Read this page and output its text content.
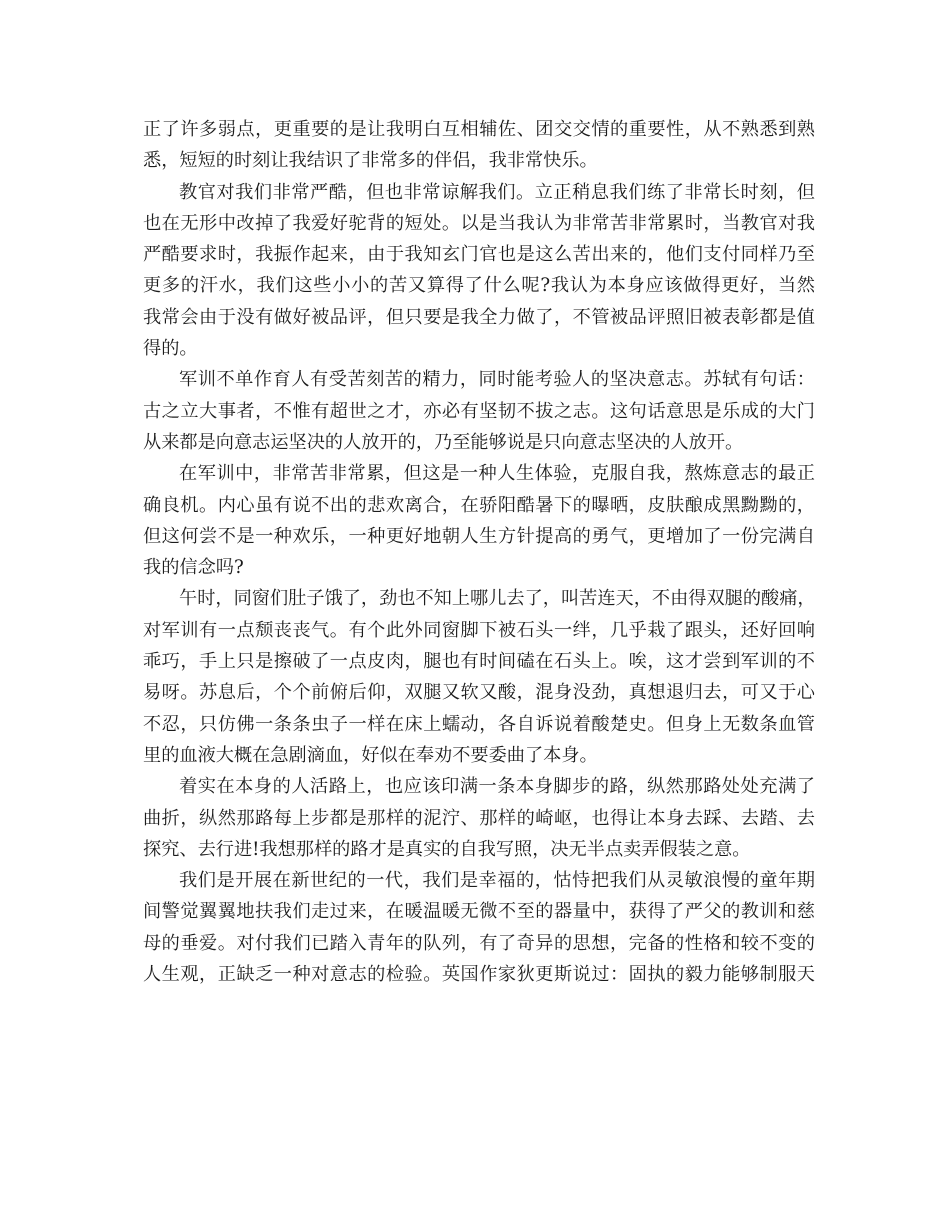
正了许多弱点，更重要的是让我明白互相辅佐、团交交情的重要性，从不熟悉到熟
悉，短短的时刻让我结识了非常多的伴侣，我非常快乐。
教官对我们非常严酷，但也非常谅解我们。立正稍息我们练了非常长时刻，但
也在无形中改掉了我爱好驼背的短处。以是当我认为非常苦非常累时，当教官对我
严酷要求时，我振作起来，由于我知玄门官也是这么苦出来的，他们支付同样乃至
更多的汗水，我们这些小小的苦又算得了什么呢?我认为本身应该做得更好，当然
我常会由于没有做好被品评，但只要是我全力做了，不管被品评照旧被表彰都是值
得的。
军训不单作育人有受苦刻苦的精力，同时能考验人的坚决意志。苏轼有句话：
古之立大事者，不惟有超世之才，亦必有坚韧不拔之志。这句话意思是乐成的大门
从来都是向意志运坚决的人放开的，乃至能够说是只向意志坚决的人放开。
在军训中，非常苦非常累，但这是一种人生体验，克服自我，熬炼意志的最正
确良机。内心虽有说不出的悲欢离合，在骄阳酷暑下的曝晒，皮肤酿成黑黝黝的，
但这何尝不是一种欢乐，一种更好地朝人生方针提高的勇气，更增加了一份完满自
我的信念吗?
午时，同窗们肚子饿了，劲也不知上哪儿去了，叫苦连天，不由得双腿的酸痛，
对军训有一点颓丧丧气。有个此外同窗脚下被石头一绊，几乎栽了跟头，还好回响
乖巧，手上只是擦破了一点皮肉，腿也有时间磕在石头上。唉，这才尝到军训的不
易呀。苏息后，个个前俯后仰，双腿又软又酸，混身没劲，真想退归去，可又于心
不忍，只仿佛一条条虫子一样在床上蠕动，各自诉说着酸楚史。但身上无数条血管
里的血液大概在急剧滴血，好似在奉劝不要委曲了本身。
着实在本身的人活路上，也应该印满一条本身脚步的路，纵然那路处处充满了
曲折，纵然那路每上步都是那样的泥泞、那样的崎岖，也得让本身去踩、去踏、去
探究、去行进!我想那样的路才是真实的自我写照，决无半点卖弄假装之意。
我们是开展在新世纪的一代，我们是幸福的，怙恃把我们从灵敏浪慢的童年期
间警觉翼翼地扶我们走过来，在暖温暖无微不至的器量中，获得了严父的教训和慈
母的垂爱。对付我们已踏入青年的队列，有了奇异的思想，完备的性格和较不变的
人生观，正缺乏一种对意志的检验。英国作家狄更斯说过：固执的毅力能够制服天
